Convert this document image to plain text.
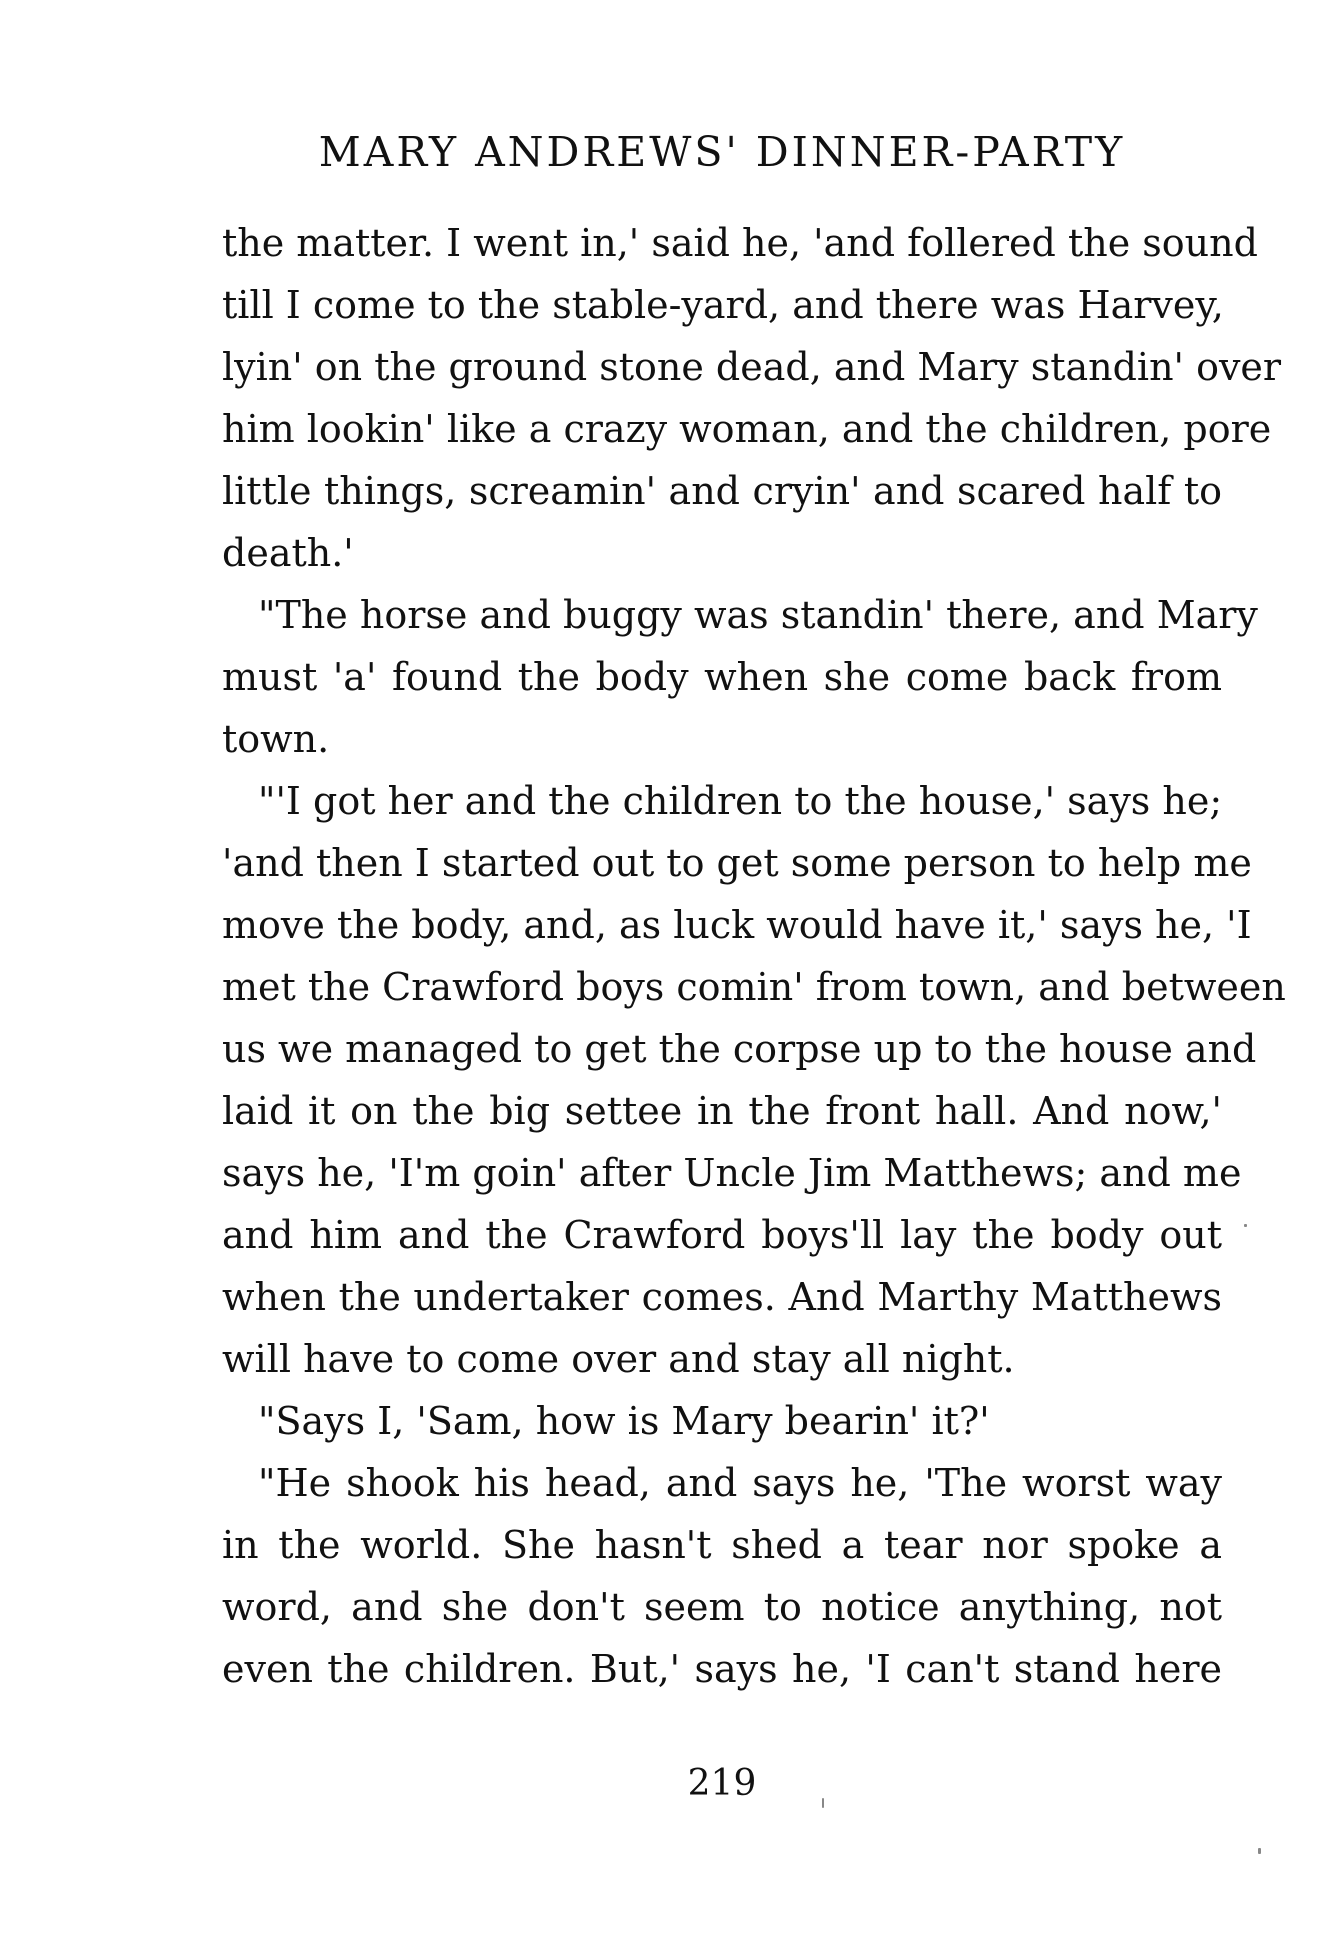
MARY ANDREWS' DINNER-PARTY
the matter. I went in,' said he, 'and follered the sound
till I come to the stable-yard, and there was Harvey,
lyin' on the ground stone dead, and Mary standin' over
him lookin' like a crazy woman, and the children, pore
little things, screamin' and cryin' and scared half to
death.'
"The horse and buggy was standin' there, and Mary
must 'a' found the body when she come back from
town.
"'I got her and the children to the house,' says he;
'and then I started out to get some person to help me
move the body, and, as luck would have it,' says he, 'I
met the Crawford boys comin' from town, and between
us we managed to get the corpse up to the house and
laid it on the big settee in the front hall. And now,'
says he, 'I'm goin' after Uncle Jim Matthews; and me
and him and the Crawford boys'll lay the body out
when the undertaker comes. And Marthy Matthews
will have to come over and stay all night.
"Says I, 'Sam, how is Mary bearin' it?'
"He shook his head, and says he, 'The worst way
in the world. She hasn't shed a tear nor spoke a
word, and she don't seem to notice anything, not
even the children. But,' says he, 'I can't stand here
219
